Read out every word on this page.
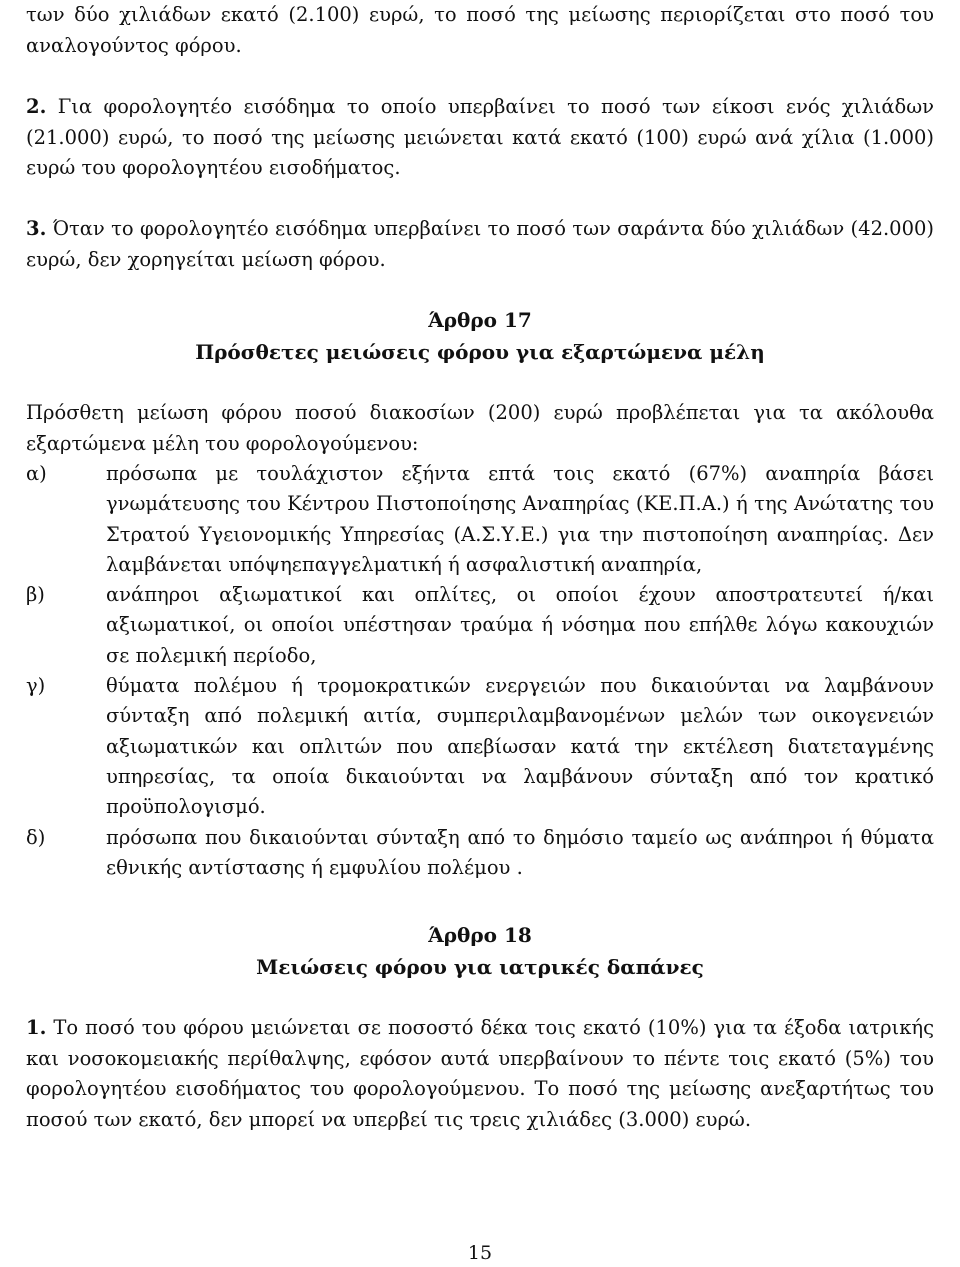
των δύο χιλιάδων εκατό (2.100) ευρώ, το ποσό της μείωσης περιορίζεται στο ποσό του αναλογούντος φόρου.
2. Για φορολογητέο εισόδημα το οποίο υπερβαίνει το ποσό των είκοσι ενός χιλιάδων (21.000) ευρώ, το ποσό της μείωσης μειώνεται κατά εκατό (100) ευρώ ανά χίλια (1.000) ευρώ του φορολογητέου εισοδήματος.
3. Όταν το φορολογητέο εισόδημα υπερβαίνει το ποσό των σαράντα δύο χιλιάδων (42.000) ευρώ, δεν χορηγείται μείωση φόρου.
Άρθρο 17
Πρόσθετες μειώσεις φόρου για εξαρτώμενα μέλη
Πρόσθετη μείωση φόρου ποσού διακοσίων (200) ευρώ προβλέπεται για τα ακόλουθα εξαρτώμενα μέλη του φορολογούμενου:
α)	πρόσωπα με τουλάχιστον εξήντα επτά τοις εκατό (67%) αναπηρία βάσει γνωμάτευσης του Κέντρου Πιστοποίησης Αναπηρίας (ΚΕ.Π.Α.) ή της Ανώτατης του Στρατού Υγειονομικής Υπηρεσίας (Α.Σ.Υ.Ε.) για την πιστοποίηση αναπηρίας. Δεν λαμβάνεται υπόψηεπαγγελματική ή ασφαλιστική αναπηρία,
β)	ανάπηροι αξιωματικοί και οπλίτες, οι οποίοι έχουν αποστρατευτεί ή/και αξιωματικοί, οι οποίοι υπέστησαν τραύμα ή νόσημα που επήλθε λόγω κακουχιών σε πολεμική περίοδο,
γ)	θύματα πολέμου ή τρομοκρατικών ενεργειών που δικαιούνται να λαμβάνουν σύνταξη από πολεμική αιτία, συμπεριλαμβανομένων μελών των οικογενειών αξιωματικών και οπλιτών που απεβίωσαν κατά την εκτέλεση διατεταγμένης υπηρεσίας, τα οποία δικαιούνται να λαμβάνουν σύνταξη από τον κρατικό προϋπολογισμό.
δ)	πρόσωπα που δικαιούνται σύνταξη από το δημόσιο ταμείο ως ανάπηροι ή θύματα εθνικής αντίστασης ή εμφυλίου πολέμου .
Άρθρο 18
Μειώσεις φόρου για ιατρικές δαπάνες
1. Το ποσό του φόρου μειώνεται σε ποσοστό δέκα τοις εκατό (10%) για τα έξοδα ιατρικής και νοσοκομειακής περίθαλψης, εφόσον αυτά υπερβαίνουν το πέντε τοις εκατό (5%) του φορολογητέου εισοδήματος του φορολογούμενου. Το ποσό της μείωσης ανεξαρτήτως του ποσού των εκατό, δεν μπορεί να υπερβεί τις τρεις χιλιάδες (3.000) ευρώ.
15
